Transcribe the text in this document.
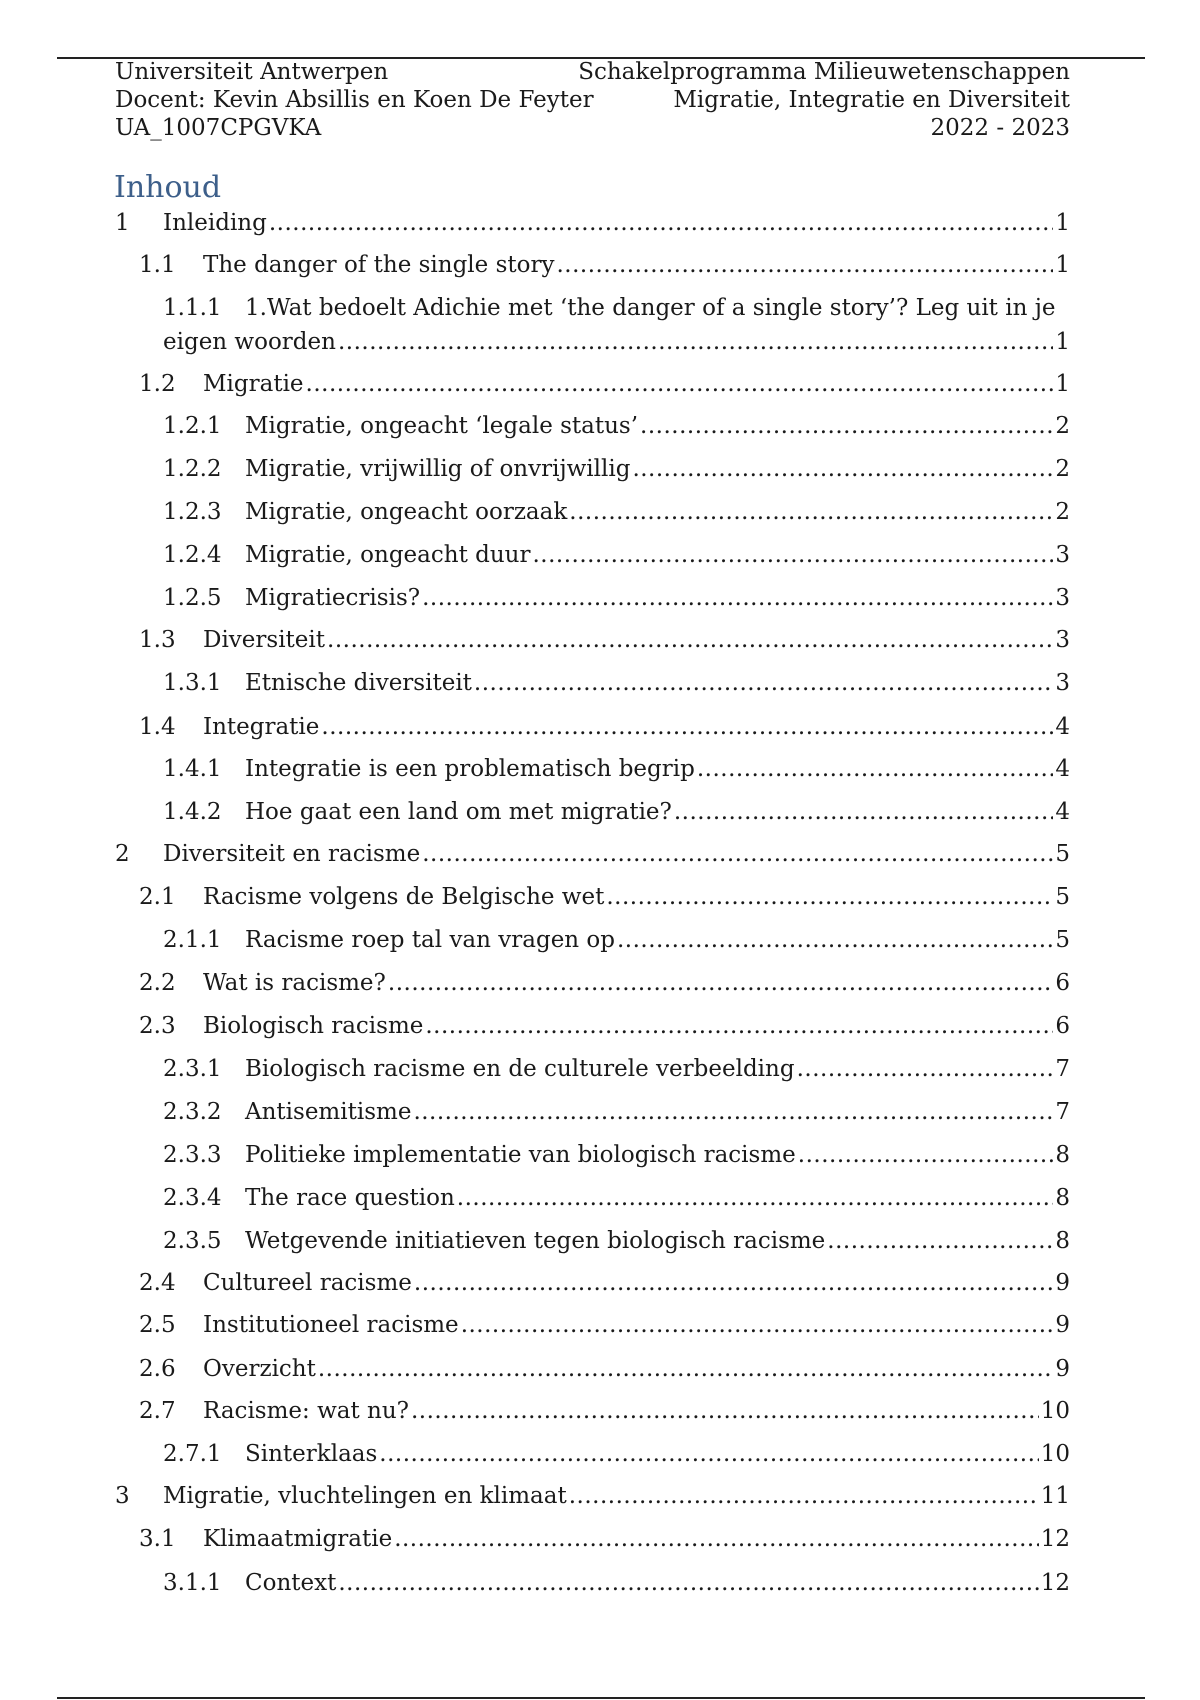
Universiteit Antwerpen	Schakelprogramma Milieuwetenschappen
Docent: Kevin Absillis en Koen De Feyter	Migratie, Integratie en Diversiteit
UA_1007CPGVKA	2022 - 2023
Inhoud
1	Inleiding .....	1
1.1	The danger of the single story .....	1
1.1.1 1.Wat bedoelt Adichie met ‘the danger of a single story’? Leg uit in je
eigen woorden .....	1
1.2	Migratie .....	1
1.2.1	Migratie, ongeacht ‘legale status’ .....	2
1.2.2	Migratie, vrijwillig of onvrijwillig .....	2
1.2.3	Migratie, ongeacht oorzaak .....	2
1.2.4	Migratie, ongeacht duur .....	3
1.2.5	Migratiecrisis? .....	3
1.3	Diversiteit .....	3
1.3.1	Etnische diversiteit .....	3
1.4	Integratie .....	4
1.4.1	Integratie is een problematisch begrip .....	4
1.4.2	Hoe gaat een land om met migratie? .....	4
2	Diversiteit en racisme .....	5
2.1	Racisme volgens de Belgische wet .....	5
2.1.1	Racisme roep tal van vragen op .....	5
2.2	Wat is racisme? .....	6
2.3	Biologisch racisme .....	6
2.3.1	Biologisch racisme en de culturele verbeelding .....	7
2.3.2	Antisemitisme .....	7
2.3.3	Politieke implementatie van biologisch racisme .....	8
2.3.4	The race question .....	8
2.3.5	Wetgevende initiatieven tegen biologisch racisme .....	8
2.4	Cultureel racisme .....	9
2.5	Institutioneel racisme .....	9
2.6	Overzicht .....	9
2.7	Racisme: wat nu? .....	10
2.7.1	Sinterklaas .....	10
3	Migratie, vluchtelingen en klimaat .....	11
3.1	Klimaatmigratie .....	12
3.1.1	Context .....	12
